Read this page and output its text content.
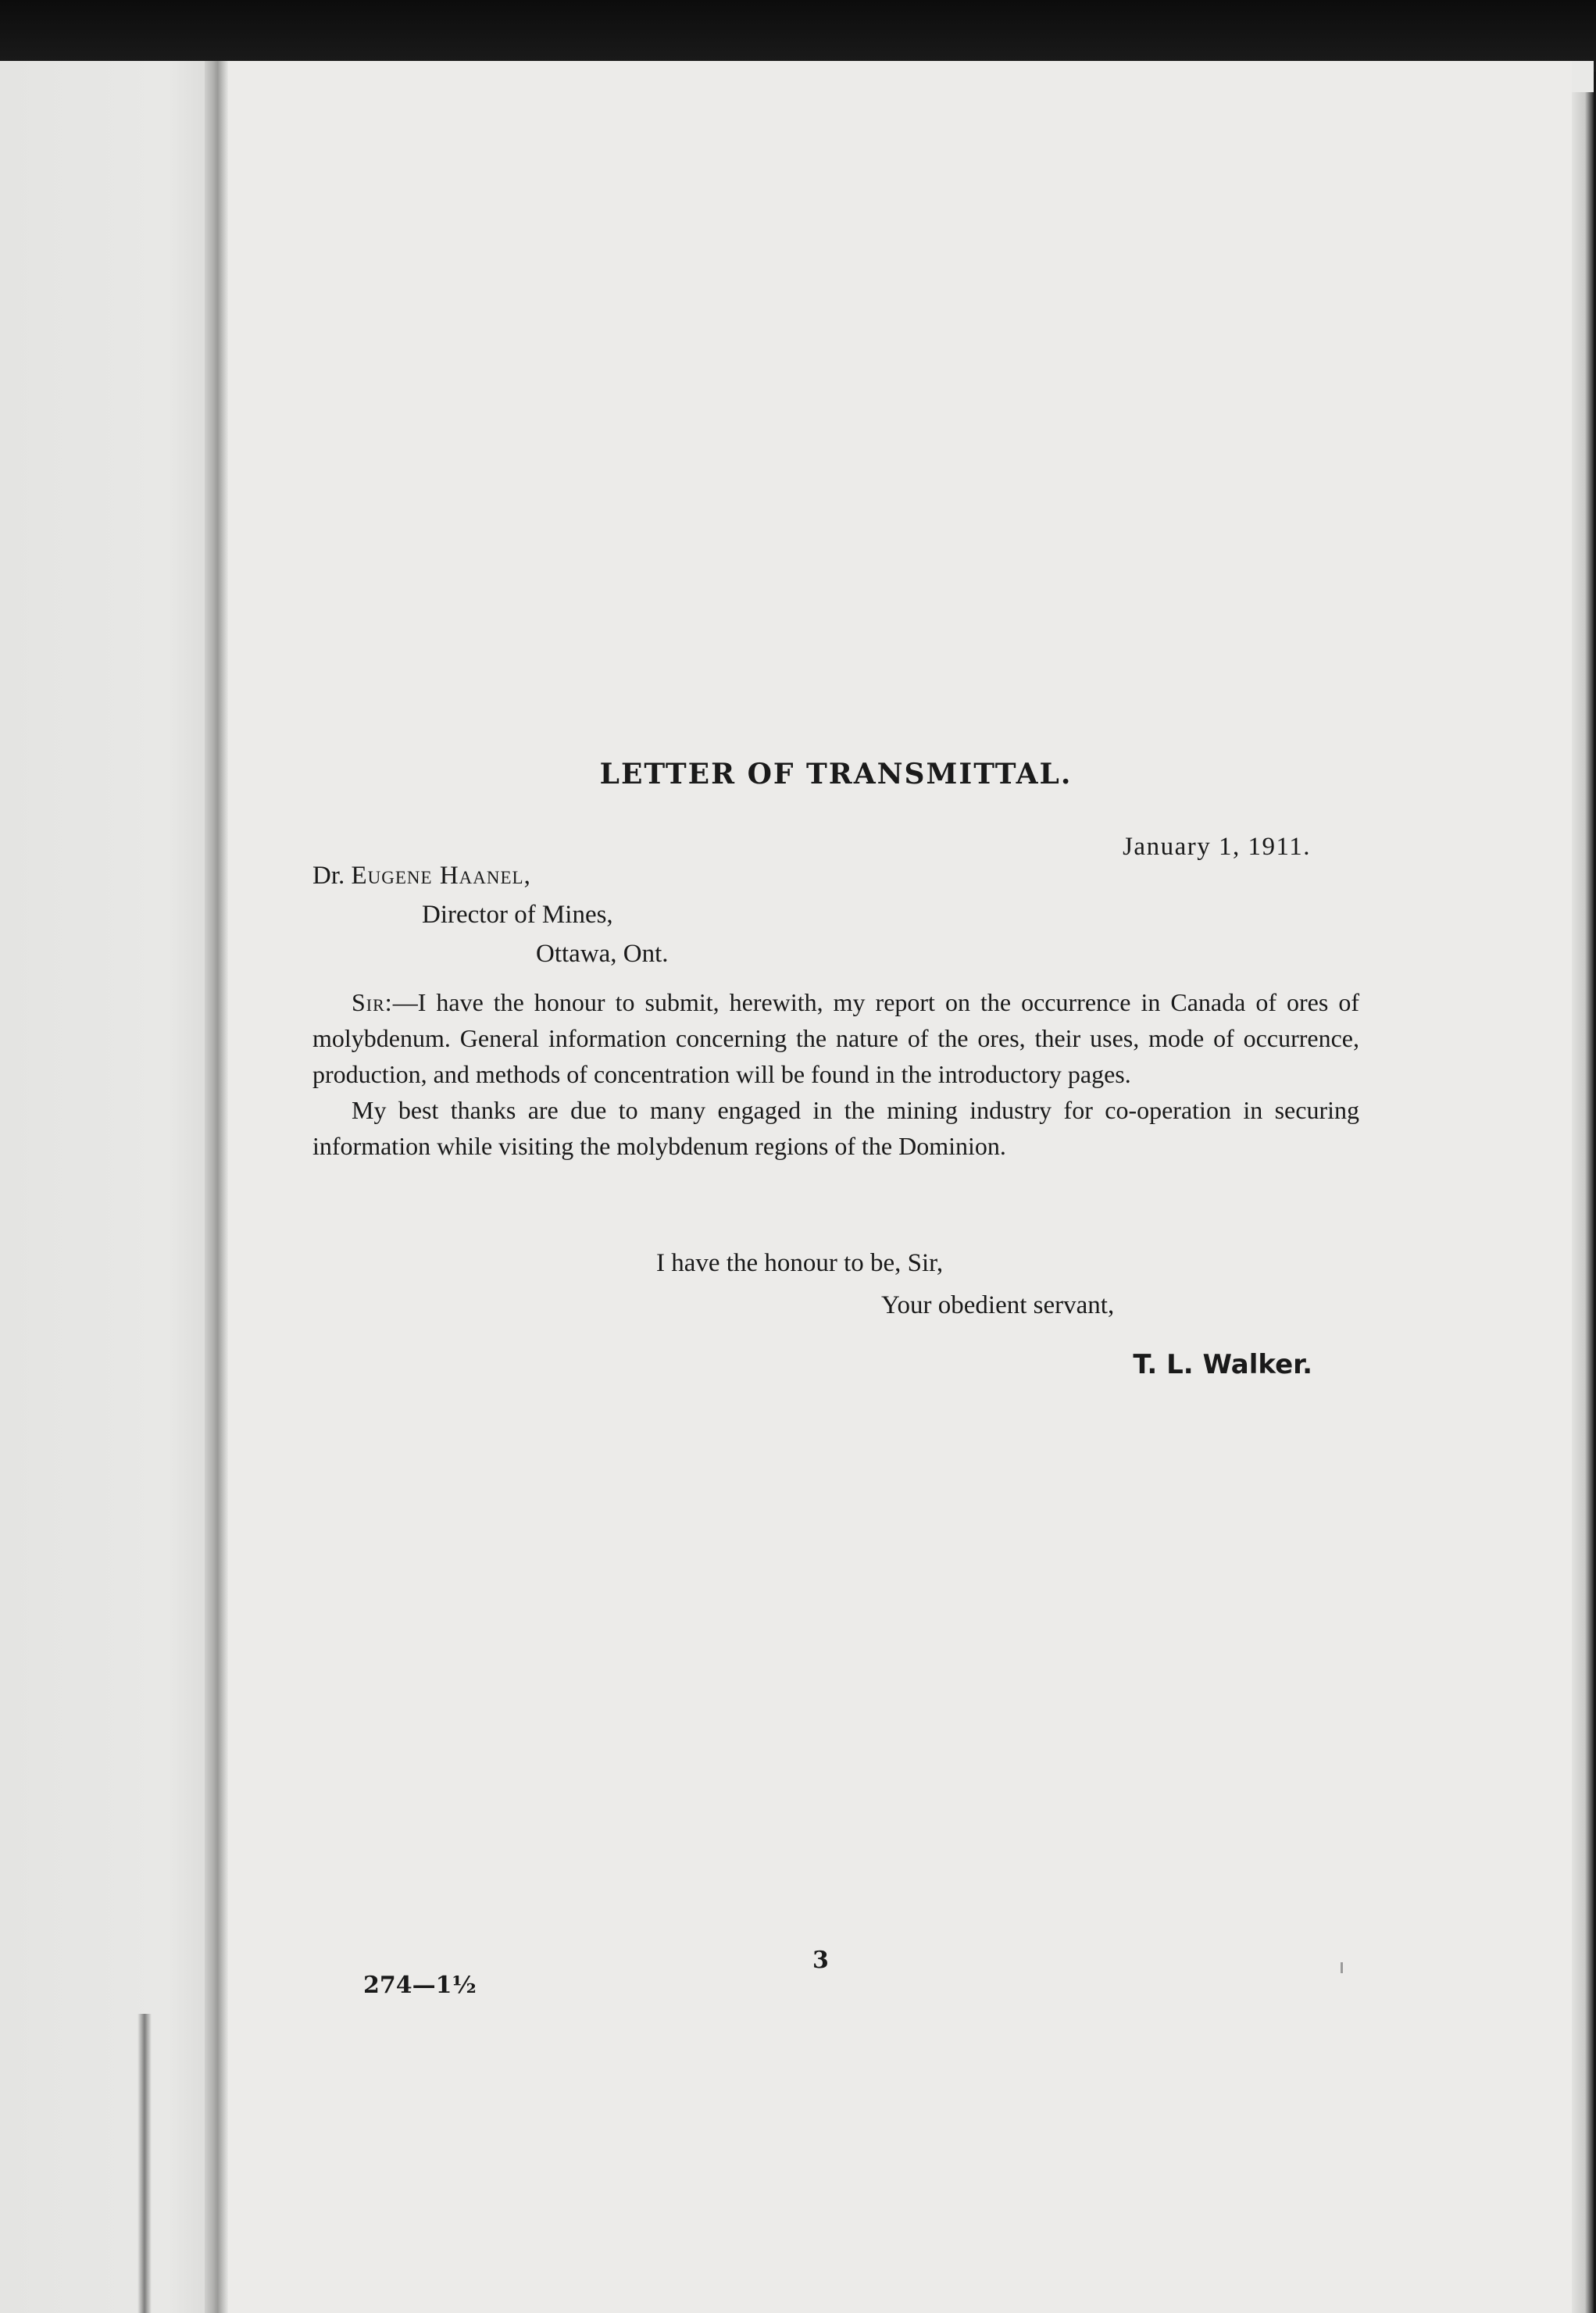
LETTER OF TRANSMITTAL.
January 1, 1911.
Dr. Eugene Haanel,
Director of Mines,
Ottawa, Ont.

Sir:—I have the honour to submit, herewith, my report on the occurrence in Canada of ores of molybdenum. General information concerning the nature of the ores, their uses, mode of occurrence, production, and methods of concentration will be found in the introductory pages.

My best thanks are due to many engaged in the mining industry for co-operation in securing information while visiting the molybdenum regions of the Dominion.

I have the honour to be, Sir,
Your obedient servant,
T. L. Walker.
3
274—1½
